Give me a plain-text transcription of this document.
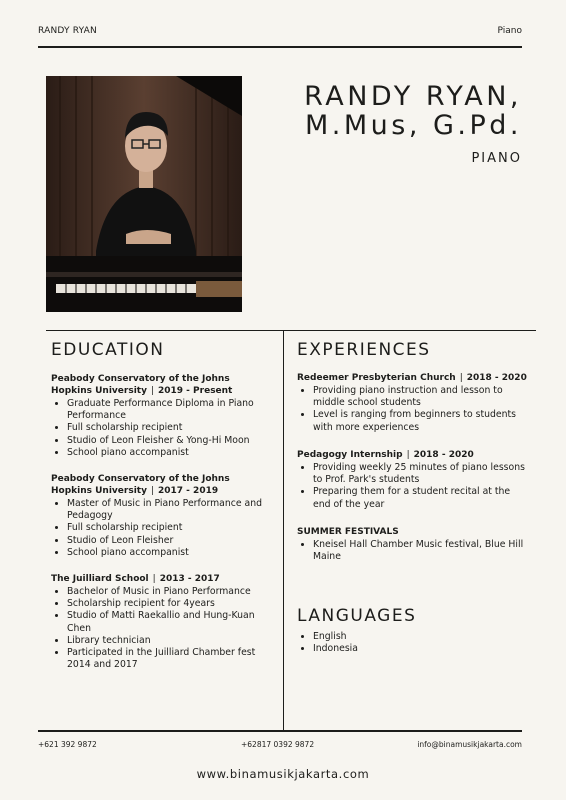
RANDY RYAN	Piano
RANDY RYAN,
M.Mus, G.Pd.
PIANO
EDUCATION
Peabody Conservatory of the Johns
Hopkins University | 2019 - Present
• Graduate Performance Diploma in Piano Performance
• Full scholarship recipient
• Studio of Leon Fleisher & Yong-Hi Moon
• School piano accompanist
Peabody Conservatory of the Johns
Hopkins University | 2017 - 2019
• Master of Music in Piano Performance and Pedagogy
• Full scholarship recipient
• Studio of Leon Fleisher
• School piano accompanist
The Juilliard School | 2013 - 2017
• Bachelor of Music in Piano Performance
• Scholarship recipient for 4years
• Studio of Matti Raekallio and Hung-Kuan Chen
• Library technician
• Participated in the Juilliard Chamber fest 2014 and 2017
EXPERIENCES
Redeemer Presbyterian Church | 2018 - 2020
• Providing piano instruction and lesson to middle school students
• Level is ranging from beginners to students with more experiences
Pedagogy Internship | 2018 - 2020
• Providing weekly 25 minutes of piano lessons to Prof. Park's students
• Preparing them for a student recital at the end of the year
SUMMER FESTIVALS
• Kneisel Hall Chamber Music festival, Blue Hill Maine
LANGUAGES
• English
• Indonesia
+621 392 9872	+62817 0392 9872	info@binamusikjakarta.com
www.binamusikjakarta.com
